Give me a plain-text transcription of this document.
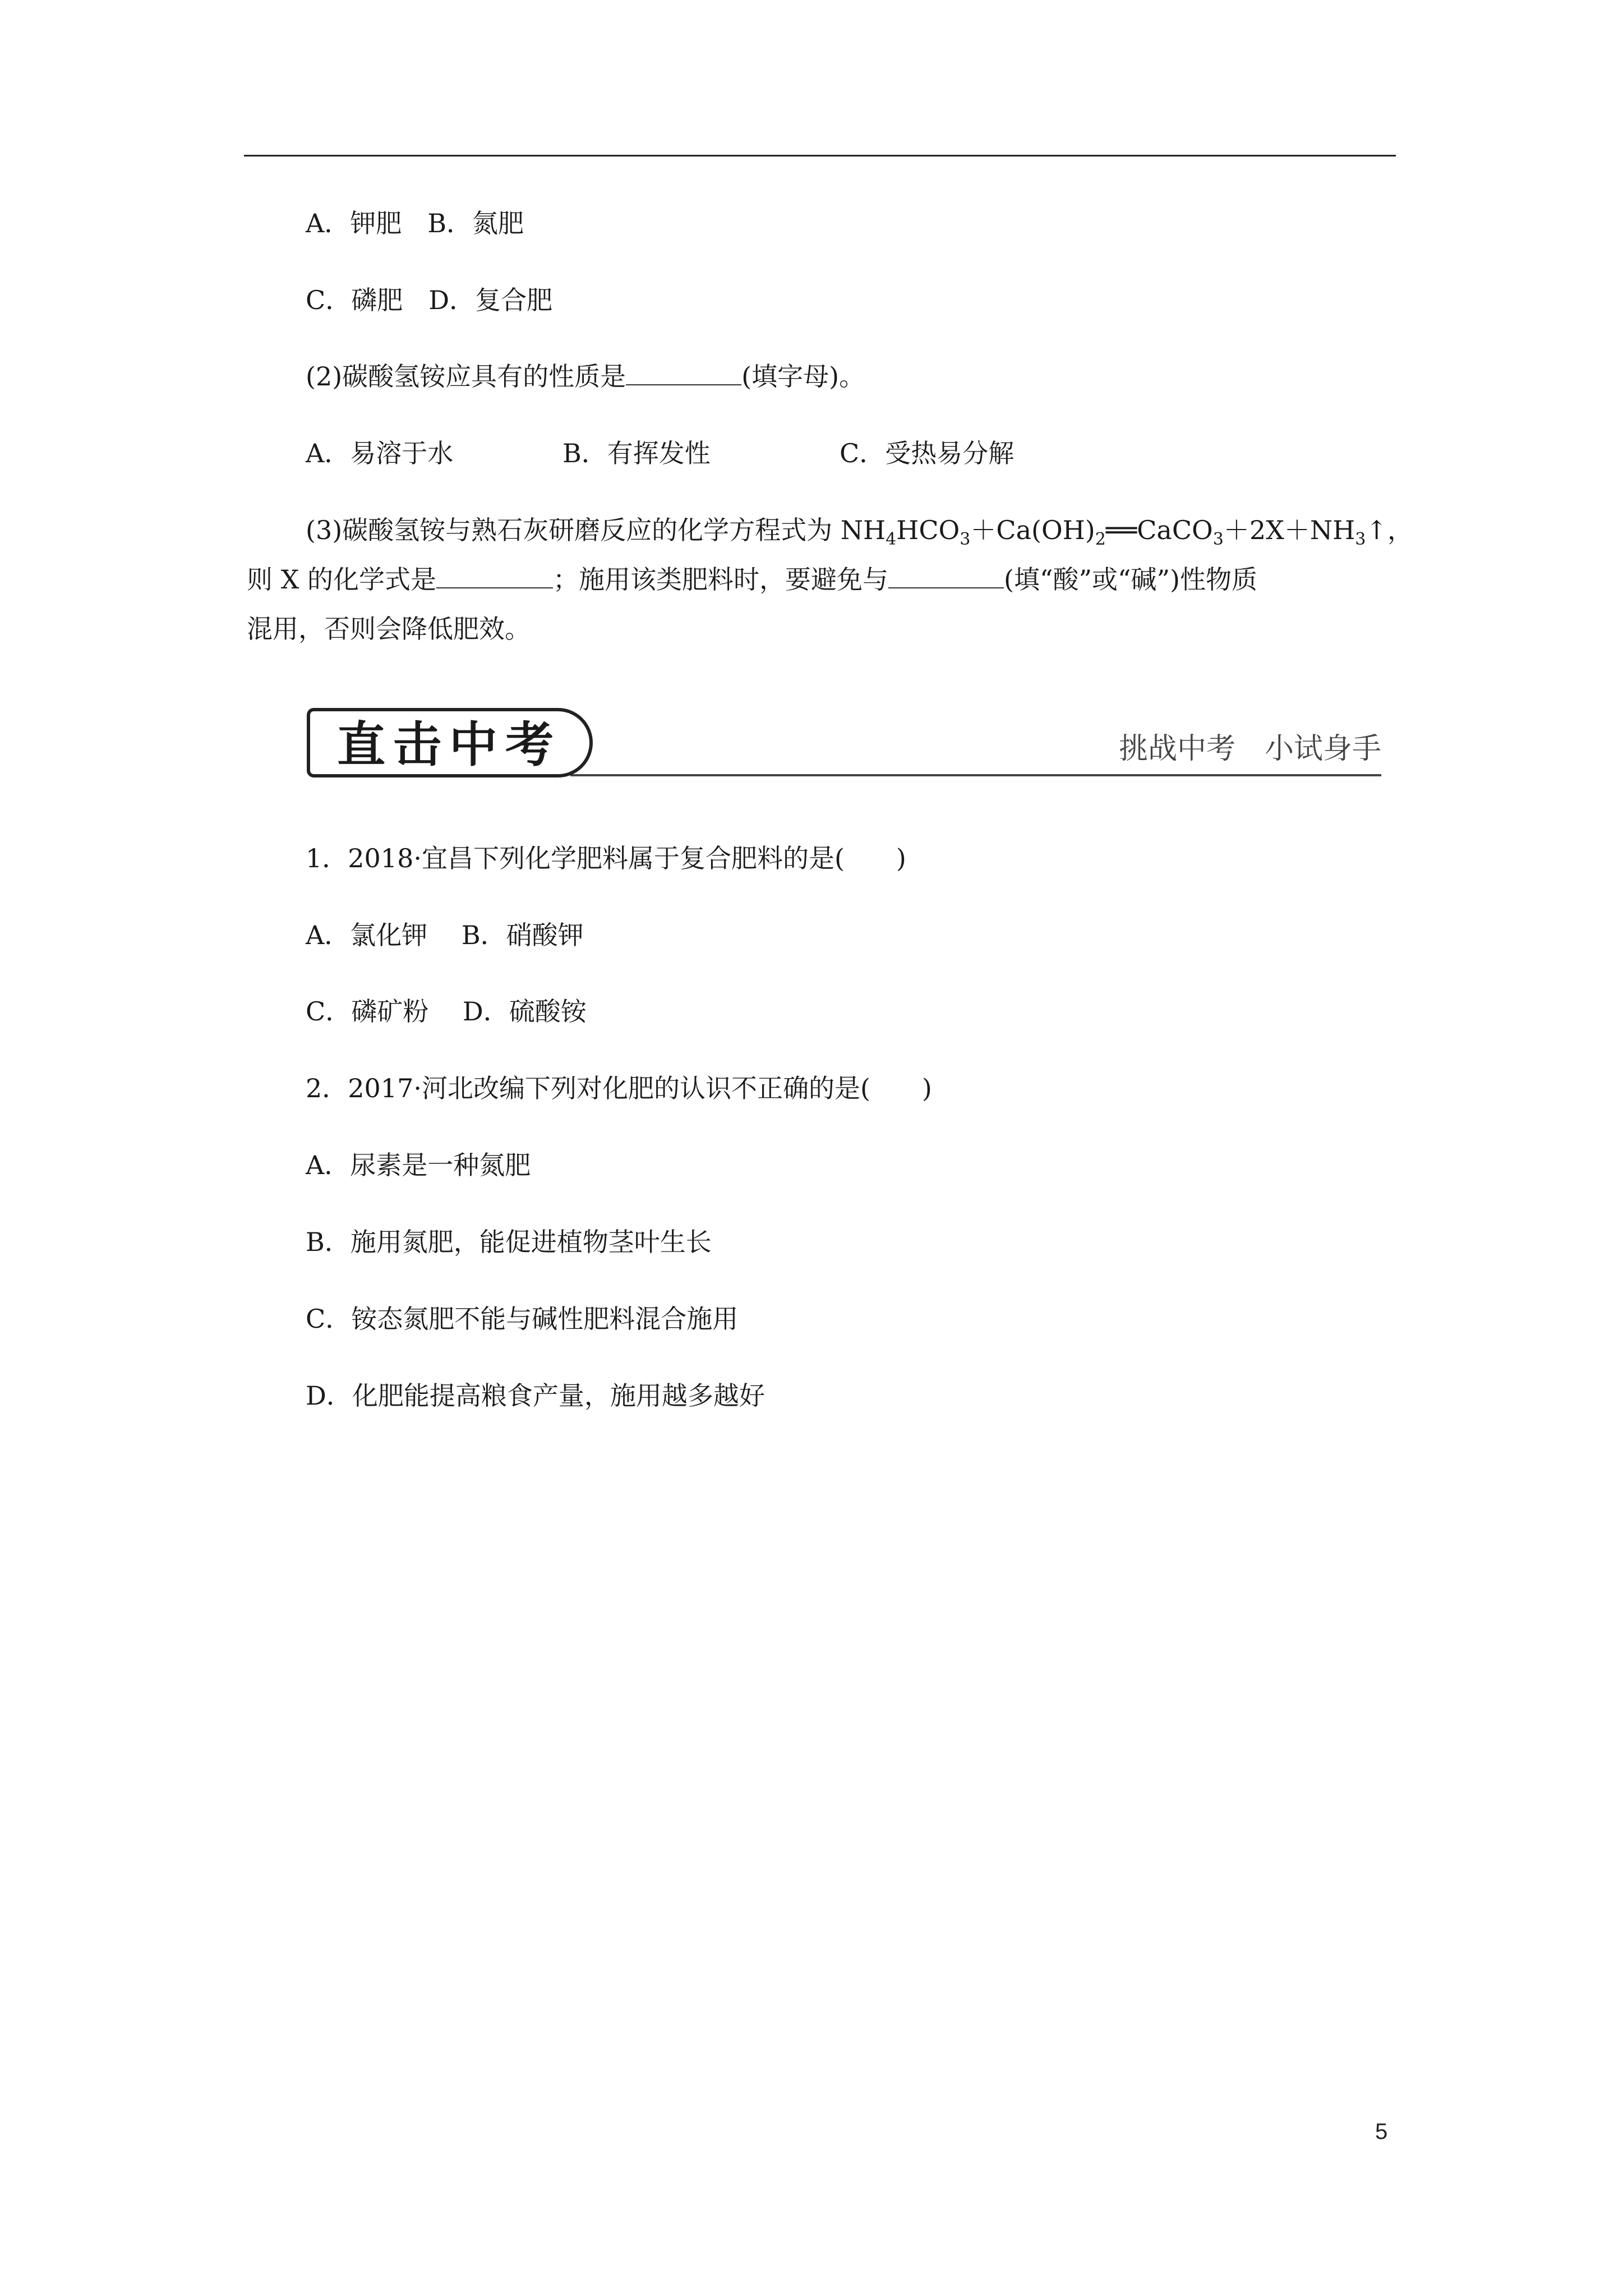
A．钾肥　 B．氮肥
C．磷肥　 D．复合肥
(2)碳酸氢铵应具有的性质是	(填字母)。
A．易溶于水	B．有挥发性	C．受热易分解
(3)碳酸氢铵与熟石灰研磨反应的化学方程式为 $NH_4HCO_3+Ca(OH)_2══CaCO_3+2X+NH_3↑$，
则 X 的化学式是	；施用该类肥料时，要避免与	(填“酸”或“碱”)性物质
混用，否则会降低肥效。
直击中考	挑战中考　小试身手
1．2018·宜昌下列化学肥料属于复合肥料的是(　　)
A．氯化钾　 B．硝酸钾
C．磷矿粉　 D．硫酸铵
2．2017·河北改编下列对化肥的认识不正确的是(　　)
A．尿素是一种氮肥
B．施用氮肥，能促进植物茎叶生长
C．铵态氮肥不能与碱性肥料混合施用
D．化肥能提高粮食产量，施用越多越好
5
